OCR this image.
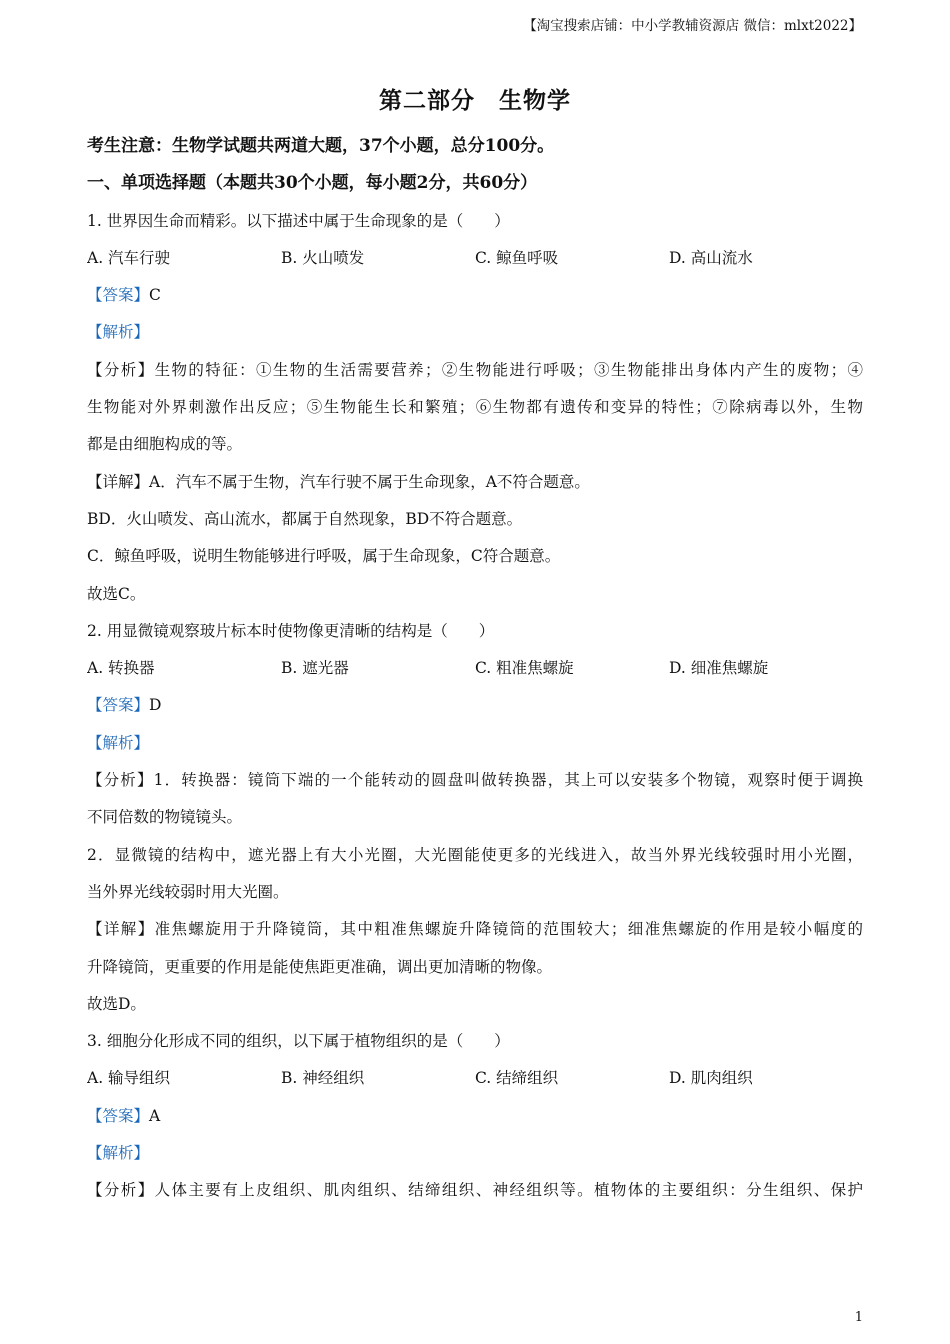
【淘宝搜索店铺：中小学教辅资源店 微信：mlxt2022】
第二部分　生物学
考生注意：生物学试题共两道大题，37个小题，总分100分。
一、单项选择题（本题共30个小题，每小题2分，共60分）
1. 世界因生命而精彩。以下描述中属于生命现象的是（　　）
A. 汽车行驶	B. 火山喷发	C. 鲸鱼呼吸	D. 高山流水
【答案】C
【解析】
【分析】生物的特征：①生物的生活需要营养；②生物能进行呼吸；③生物能排出身体内产生的废物；④
生物能对外界刺激作出反应；⑤生物能生长和繁殖；⑥生物都有遗传和变异的特性；⑦除病毒以外，生物
都是由细胞构成的等。
【详解】A．汽车不属于生物，汽车行驶不属于生命现象，A不符合题意。
BD．火山喷发、高山流水，都属于自然现象，BD不符合题意。
C．鲸鱼呼吸，说明生物能够进行呼吸，属于生命现象，C符合题意。
故选C。
2. 用显微镜观察玻片标本时使物像更清晰的结构是（　　）
A. 转换器	B. 遮光器	C. 粗准焦螺旋	D. 细准焦螺旋
【答案】D
【解析】
【分析】1．转换器：镜筒下端的一个能转动的圆盘叫做转换器，其上可以安装多个物镜，观察时便于调换
不同倍数的物镜镜头。
2．显微镜的结构中，遮光器上有大小光圈，大光圈能使更多的光线进入，故当外界光线较强时用小光圈，
当外界光线较弱时用大光圈。
【详解】准焦螺旋用于升降镜筒，其中粗准焦螺旋升降镜筒的范围较大；细准焦螺旋的作用是较小幅度的
升降镜筒，更重要的作用是能使焦距更准确，调出更加清晰的物像。
故选D。
3. 细胞分化形成不同的组织，以下属于植物组织的是（　　）
A. 输导组织	B. 神经组织	C. 结缔组织	D. 肌肉组织
【答案】A
【解析】
【分析】人体主要有上皮组织、肌肉组织、结缔组织、神经组织等。植物体的主要组织：分生组织、保护
1
